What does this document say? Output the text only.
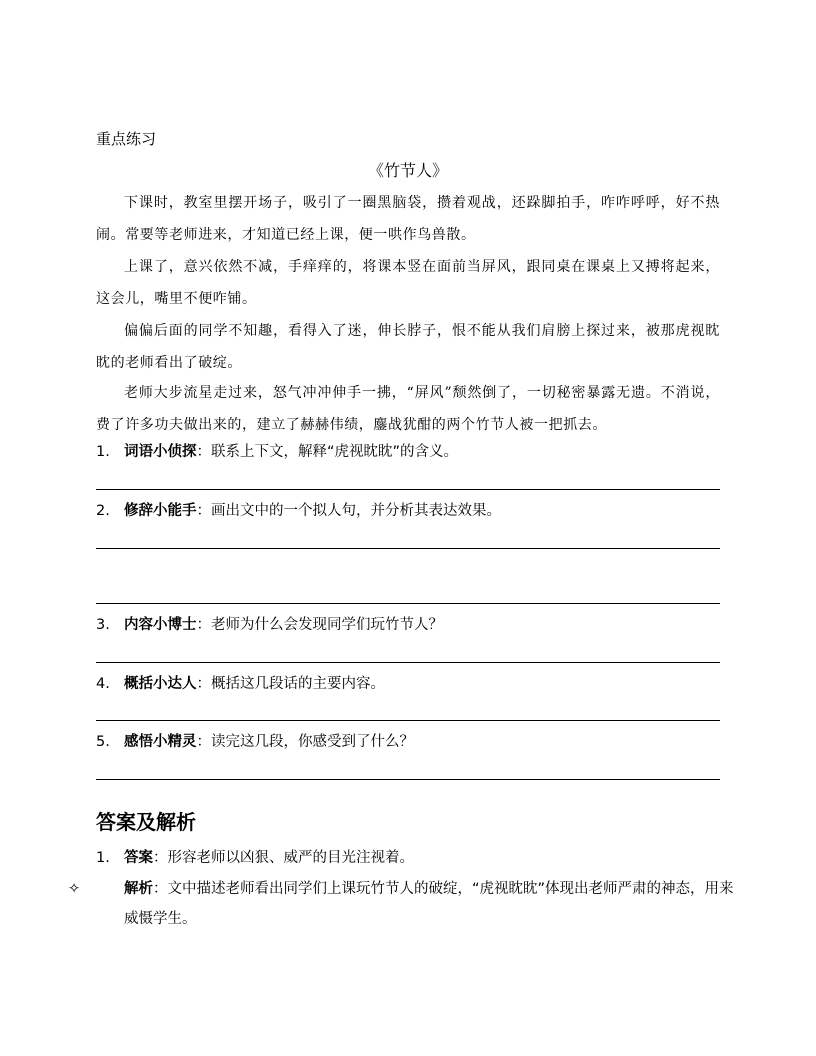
重点练习
《竹节人》
下课时，教室里摆开场子，吸引了一圈黑脑袋，攒着观战，还跺脚拍手，咋咋呼呼，好不热闹。常要等老师进来，才知道已经上课，便一哄作鸟兽散。
上课了，意兴依然不减，手痒痒的，将课本竖在面前当屏风，跟同桌在课桌上又搏将起来，这会儿，嘴里不便咋铺。
偏偏后面的同学不知趣，看得入了迷，伸长脖子，恨不能从我们肩膀上探过来，被那虎视眈眈的老师看出了破绽。
老师大步流星走过来，怒气冲冲伸手一拂，“屏风”颓然倒了，一切秘密暴露无遗。不消说，费了许多功夫做出来的，建立了赫赫伟绩，鏖战犹酣的两个竹节人被一把抓去。
1. 词语小侦探：联系上下文，解释“虎视眈眈”的含义。
2. 修辞小能手：画出文中的一个拟人句，并分析其表达效果。
3. 内容小博士：老师为什么会发现同学们玩竹节人？
4. 概括小达人：概括这几段话的主要内容。
5. 感悟小精灵：读完这几段，你感受到了什么？
答案及解析
1. 答案：形容老师以凶狠、威严的目光注视着。
✧	解析：文中描述老师看出同学们上课玩竹节人的破绽，“虎视眈眈”体现出老师严肃的神态，用来威慑学生。
